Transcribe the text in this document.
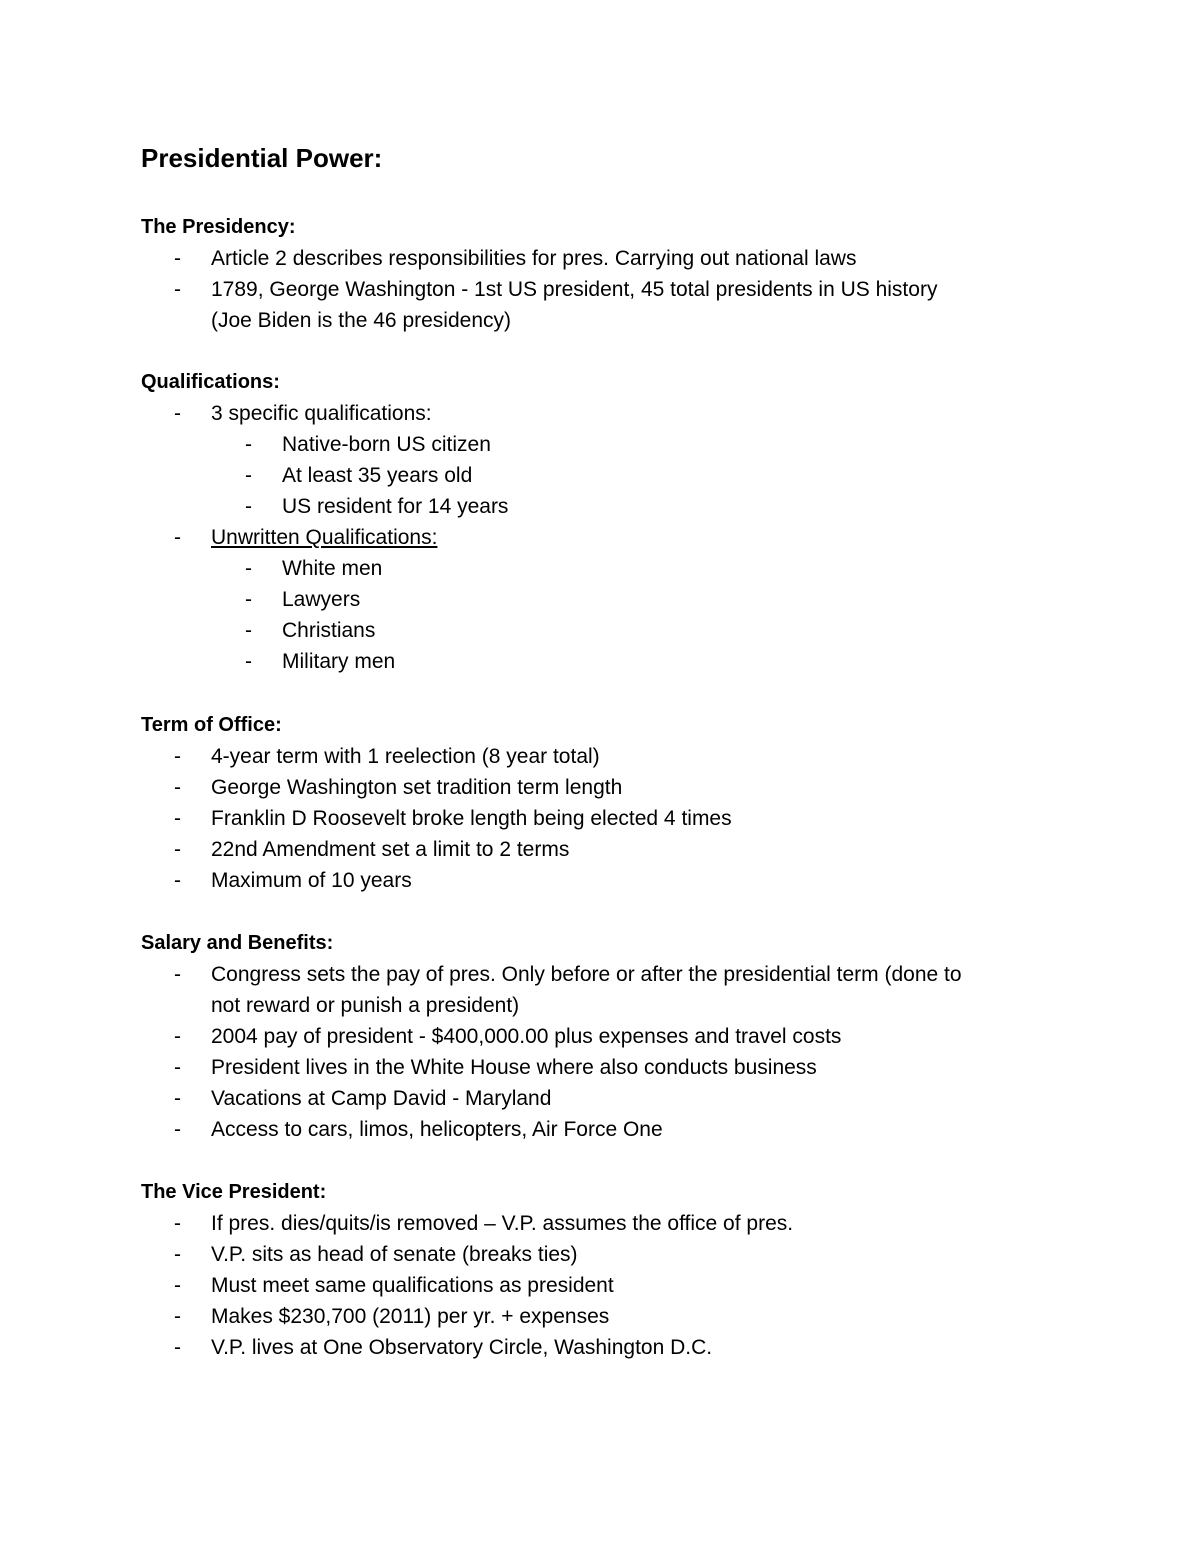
Presidential Power:
The Presidency:
- Article 2 describes responsibilities for pres. Carrying out national laws
- 1789, George Washington - 1st US president, 45 total presidents in US history
(Joe Biden is the 46 presidency)
Qualifications:
- 3 specific qualifications:
- Native-born US citizen
- At least 35 years old
- US resident for 14 years
- Unwritten Qualifications:
- White men
- Lawyers
- Christians
- Military men
Term of Office:
- 4-year term with 1 reelection (8 year total)
- George Washington set tradition term length
- Franklin D Roosevelt broke length being elected 4 times
- 22nd Amendment set a limit to 2 terms
- Maximum of 10 years
Salary and Benefits:
- Congress sets the pay of pres. Only before or after the presidential term (done to
not reward or punish a president)
- 2004 pay of president - $400,000.00 plus expenses and travel costs
- President lives in the White House where also conducts business
- Vacations at Camp David - Maryland
- Access to cars, limos, helicopters, Air Force One
The Vice President:
- If pres. dies/quits/is removed – V.P. assumes the office of pres.
- V.P. sits as head of senate (breaks ties)
- Must meet same qualifications as president
- Makes $230,700 (2011) per yr. + expenses
- V.P. lives at One Observatory Circle, Washington D.C.
